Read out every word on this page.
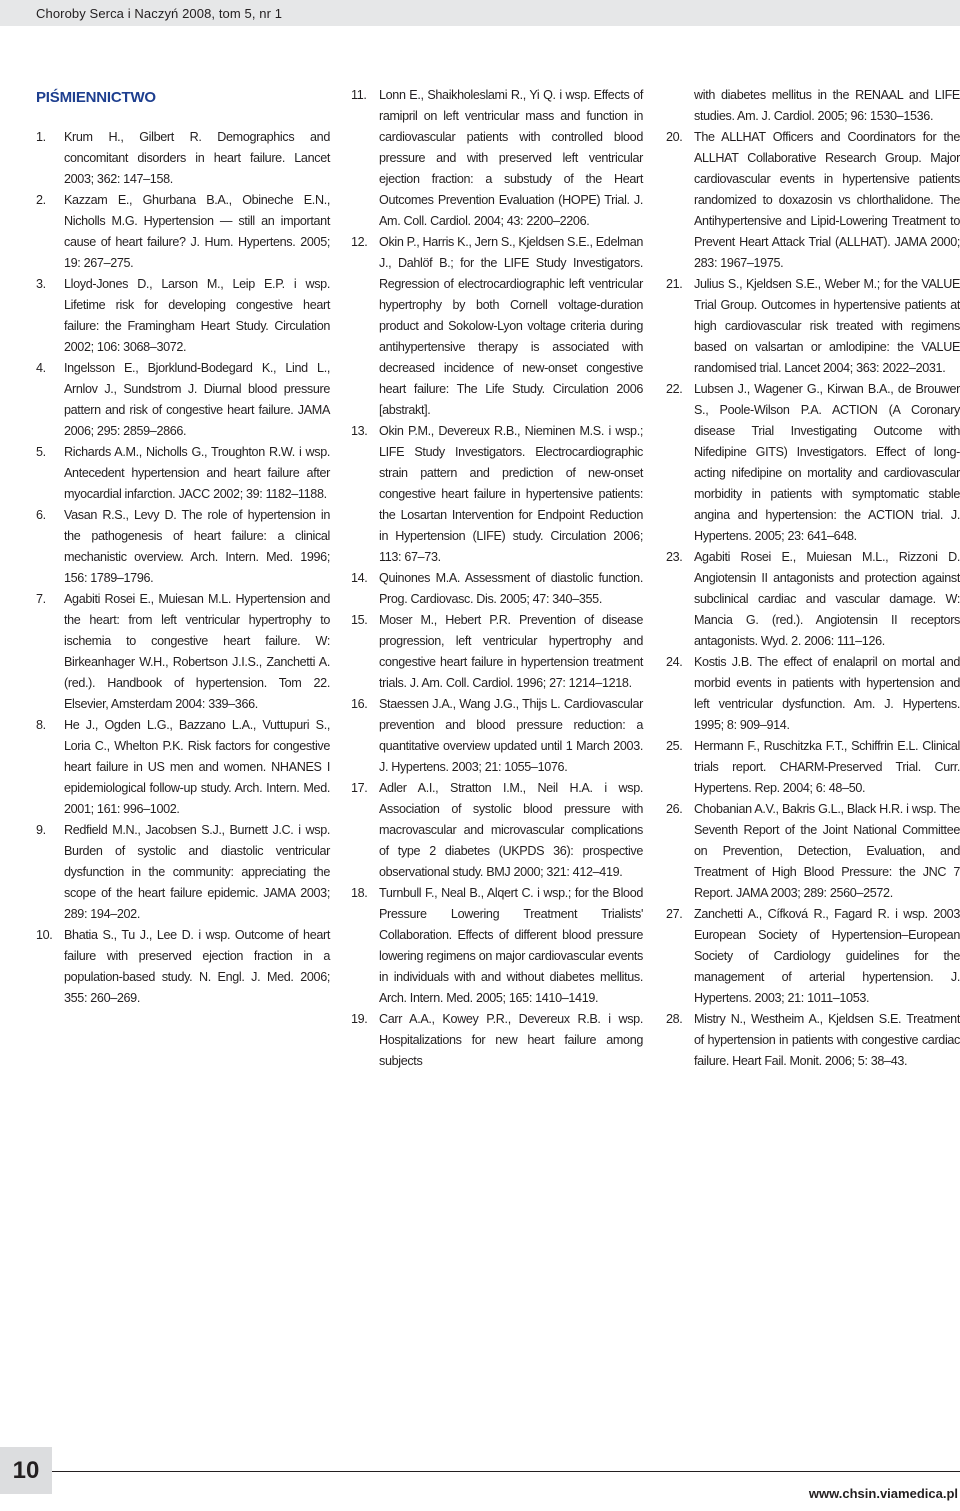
Choroby Serca i Naczyń 2008, tom 5, nr 1
PIŚMIENNICTWO
1. Krum H., Gilbert R. Demographics and concomitant disorders in heart failure. Lancet 2003; 362: 147–158.
2. Kazzam E., Ghurbana B.A., Obineche E.N., Nicholls M.G. Hypertension — still an important cause of heart failure? J. Hum. Hypertens. 2005; 19: 267–275.
3. Lloyd-Jones D., Larson M., Leip E.P. i wsp. Lifetime risk for developing congestive heart failure: the Framingham Heart Study. Circulation 2002; 106: 3068–3072.
4. Ingelsson E., Bjorklund-Bodegard K., Lind L., Arnlov J., Sundstrom J. Diurnal blood pressure pattern and risk of congestive heart failure. JAMA 2006; 295: 2859–2866.
5. Richards A.M., Nicholls G., Troughton R.W. i wsp. Antecedent hypertension and heart failure after myocardial infarction. JACC 2002; 39: 1182–1188.
6. Vasan R.S., Levy D. The role of hypertension in the pathogenesis of heart failure: a clinical mechanistic overview. Arch. Intern. Med. 1996; 156: 1789–1796.
7. Agabiti Rosei E., Muiesan M.L. Hypertension and the heart: from left ventricular hypertrophy to ischemia to congestive heart failure. W: Birkeanhager W.H., Robertson J.I.S., Zanchetti A. (red.). Handbook of hypertension. Tom 22. Elsevier, Amsterdam 2004: 339–366.
8. He J., Ogden L.G., Bazzano L.A., Vuttupuri S., Loria C., Whelton P.K. Risk factors for congestive heart failure in US men and women. NHANES I epidemiological follow-up study. Arch. Intern. Med. 2001; 161: 996–1002.
9. Redfield M.N., Jacobsen S.J., Burnett J.C. i wsp. Burden of systolic and diastolic ventricular dysfunction in the community: appreciating the scope of the heart failure epidemic. JAMA 2003; 289: 194–202.
10. Bhatia S., Tu J., Lee D. i wsp. Outcome of heart failure with preserved ejection fraction in a population-based study. N. Engl. J. Med. 2006; 355: 260–269.
11. Lonn E., Shaikholeslami R., Yi Q. i wsp. Effects of ramipril on left ventricular mass and function in cardiovascular patients with controlled blood pressure and with preserved left ventricular ejection fraction: a substudy of the Heart Outcomes Prevention Evaluation (HOPE) Trial. J. Am. Coll. Cardiol. 2004; 43: 2200–2206.
12. Okin P., Harris K., Jern S., Kjeldsen S.E., Edelman J., Dahlöf B.; for the LIFE Study Investigators. Regression of electrocardiographic left ventricular hypertrophy by both Cornell voltage-duration product and Sokolow-Lyon voltage criteria during antihypertensive therapy is associated with decreased incidence of new-onset congestive heart failure: The Life Study. Circulation 2006 [abstrakt].
13. Okin P.M., Devereux R.B., Nieminen M.S. i wsp.; LIFE Study Investigators. Electrocardiographic strain pattern and prediction of new-onset congestive heart failure in hypertensive patients: the Losartan Intervention for Endpoint Reduction in Hypertension (LIFE) study. Circulation 2006; 113: 67–73.
14. Quinones M.A. Assessment of diastolic function. Prog. Cardiovasc. Dis. 2005; 47: 340–355.
15. Moser M., Hebert P.R. Prevention of disease progression, left ventricular hypertrophy and congestive heart failure in hypertension treatment trials. J. Am. Coll. Cardiol. 1996; 27: 1214–1218.
16. Staessen J.A., Wang J.G., Thijs L. Cardiovascular prevention and blood pressure reduction: a quantitative overview updated until 1 March 2003. J. Hypertens. 2003; 21: 1055–1076.
17. Adler A.I., Stratton I.M., Neil H.A. i wsp. Association of systolic blood pressure with macrovascular and microvascular complications of type 2 diabetes (UKPDS 36): prospective observational study. BMJ 2000; 321: 412–419.
18. Turnbull F., Neal B., Alqert C. i wsp.; for the Blood Pressure Lowering Treatment Trialists' Collaboration. Effects of different blood pressure lowering regimens on major cardiovascular events in individuals with and without diabetes mellitus. Arch. Intern. Med. 2005; 165: 1410–1419.
19. Carr A.A., Kowey P.R., Devereux R.B. i wsp. Hospitalizations for new heart failure among subjects
with diabetes mellitus in the RENAAL and LIFE studies. Am. J. Cardiol. 2005; 96: 1530–1536.
20. The ALLHAT Officers and Coordinators for the ALLHAT Collaborative Research Group. Major cardiovascular events in hypertensive patients randomized to doxazosin vs chlorthalidone. The Antihypertensive and Lipid-Lowering Treatment to Prevent Heart Attack Trial (ALLHAT). JAMA 2000; 283: 1967–1975.
21. Julius S., Kjeldsen S.E., Weber M.; for the VALUE Trial Group. Outcomes in hypertensive patients at high cardiovascular risk treated with regimens based on valsartan or amlodipine: the VALUE randomised trial. Lancet 2004; 363: 2022–2031.
22. Lubsen J., Wagener G., Kirwan B.A., de Brouwer S., Poole-Wilson P.A. ACTION (A Coronary disease Trial Investigating Outcome with Nifedipine GITS) Investigators. Effect of long-acting nifedipine on mortality and cardiovascular morbidity in patients with symptomatic stable angina and hypertension: the ACTION trial. J. Hypertens. 2005; 23: 641–648.
23. Agabiti Rosei E., Muiesan M.L., Rizzoni D. Angiotensin II antagonists and protection against subclinical cardiac and vascular damage. W: Mancia G. (red.). Angiotensin II receptors antagonists. Wyd. 2. 2006: 111–126.
24. Kostis J.B. The effect of enalapril on mortal and morbid events in patients with hypertension and left ventricular dysfunction. Am. J. Hypertens. 1995; 8: 909–914.
25. Hermann F., Ruschitzka F.T., Schiffrin E.L. Clinical trials report. CHARM-Preserved Trial. Curr. Hypertens. Rep. 2004; 6: 48–50.
26. Chobanian A.V., Bakris G.L., Black H.R. i wsp. The Seventh Report of the Joint National Committee on Prevention, Detection, Evaluation, and Treatment of High Blood Pressure: the JNC 7 Report. JAMA 2003; 289: 2560–2572.
27. Zanchetti A., Cífková R., Fagard R. i wsp. 2003 European Society of Hypertension–European Society of Cardiology guidelines for the management of arterial hypertension. J. Hypertens. 2003; 21: 1011–1053.
28. Mistry N., Westheim A., Kjeldsen S.E. Treatment of hypertension in patients with congestive cardiac failure. Heart Fail. Monit. 2006; 5: 38–43.
10
www.chsin.viamedica.pl
